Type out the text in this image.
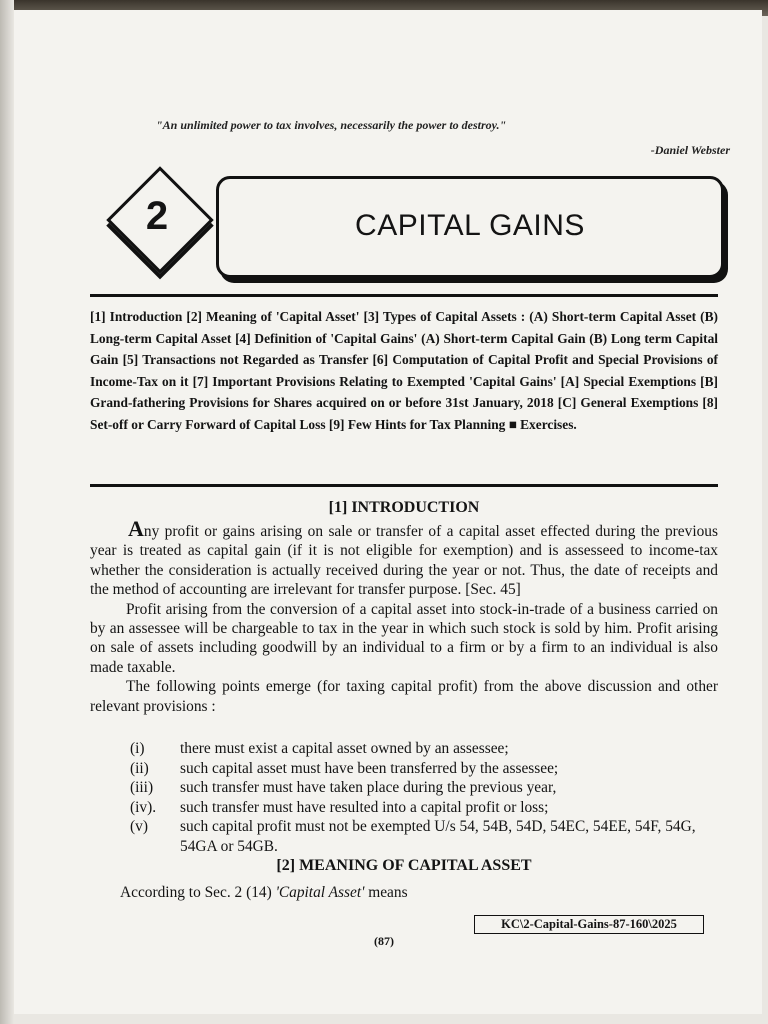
"An unlimited power to tax involves, necessarily the power to destroy."
-Daniel Webster
2	CAPITAL GAINS
[1] Introduction [2] Meaning of 'Capital Asset' [3] Types of Capital Assets : (A) Short-term Capital Asset (B) Long-term Capital Asset [4] Definition of 'Capital Gains' (A) Short-term Capital Gain (B) Long term Capital Gain [5] Transactions not Regarded as Transfer [6] Computation of Capital Profit and Special Provisions of Income-Tax on it [7] Important Provisions Relating to Exempted 'Capital Gains' [A] Special Exemptions [B] Grand-fathering Provisions for Shares acquired on or before 31st January, 2018 [C] General Exemptions [8] Set-off or Carry Forward of Capital Loss [9] Few Hints for Tax Planning ■ Exercises.
[1] INTRODUCTION

Any profit or gains arising on sale or transfer of a capital asset effected during the previous year is treated as capital gain (if it is not eligible for exemption) and is assesseed to income-tax whether the consideration is actually received during the year or not. Thus, the date of receipts and the method of accounting are irrelevant for transfer purpose. [Sec. 45]

Profit arising from the conversion of a capital asset into stock-in-trade of a business carried on by an assessee will be chargeable to tax in the year in which such stock is sold by him. Profit arising on sale of assets including goodwill by an individual to a firm or by a firm to an individual is also made taxable.

The following points emerge (for taxing capital profit) from the above discussion and other relevant provisions :

(i)	there must exist a capital asset owned by an assessee;
(ii)	such capital asset must have been transferred by the assessee;
(iii)	such transfer must have taken place during the previous year,
(iv).	such transfer must have resulted into a capital profit or loss;
(v)	such capital profit must not be exempted U/s 54, 54B, 54D, 54EC, 54EE, 54F, 54G, 54GA or 54GB.
[2] MEANING OF CAPITAL ASSET
According to Sec. 2 (14) 'Capital Asset' means
KC\2-Capital-Gains-87-160\2025
(87)
